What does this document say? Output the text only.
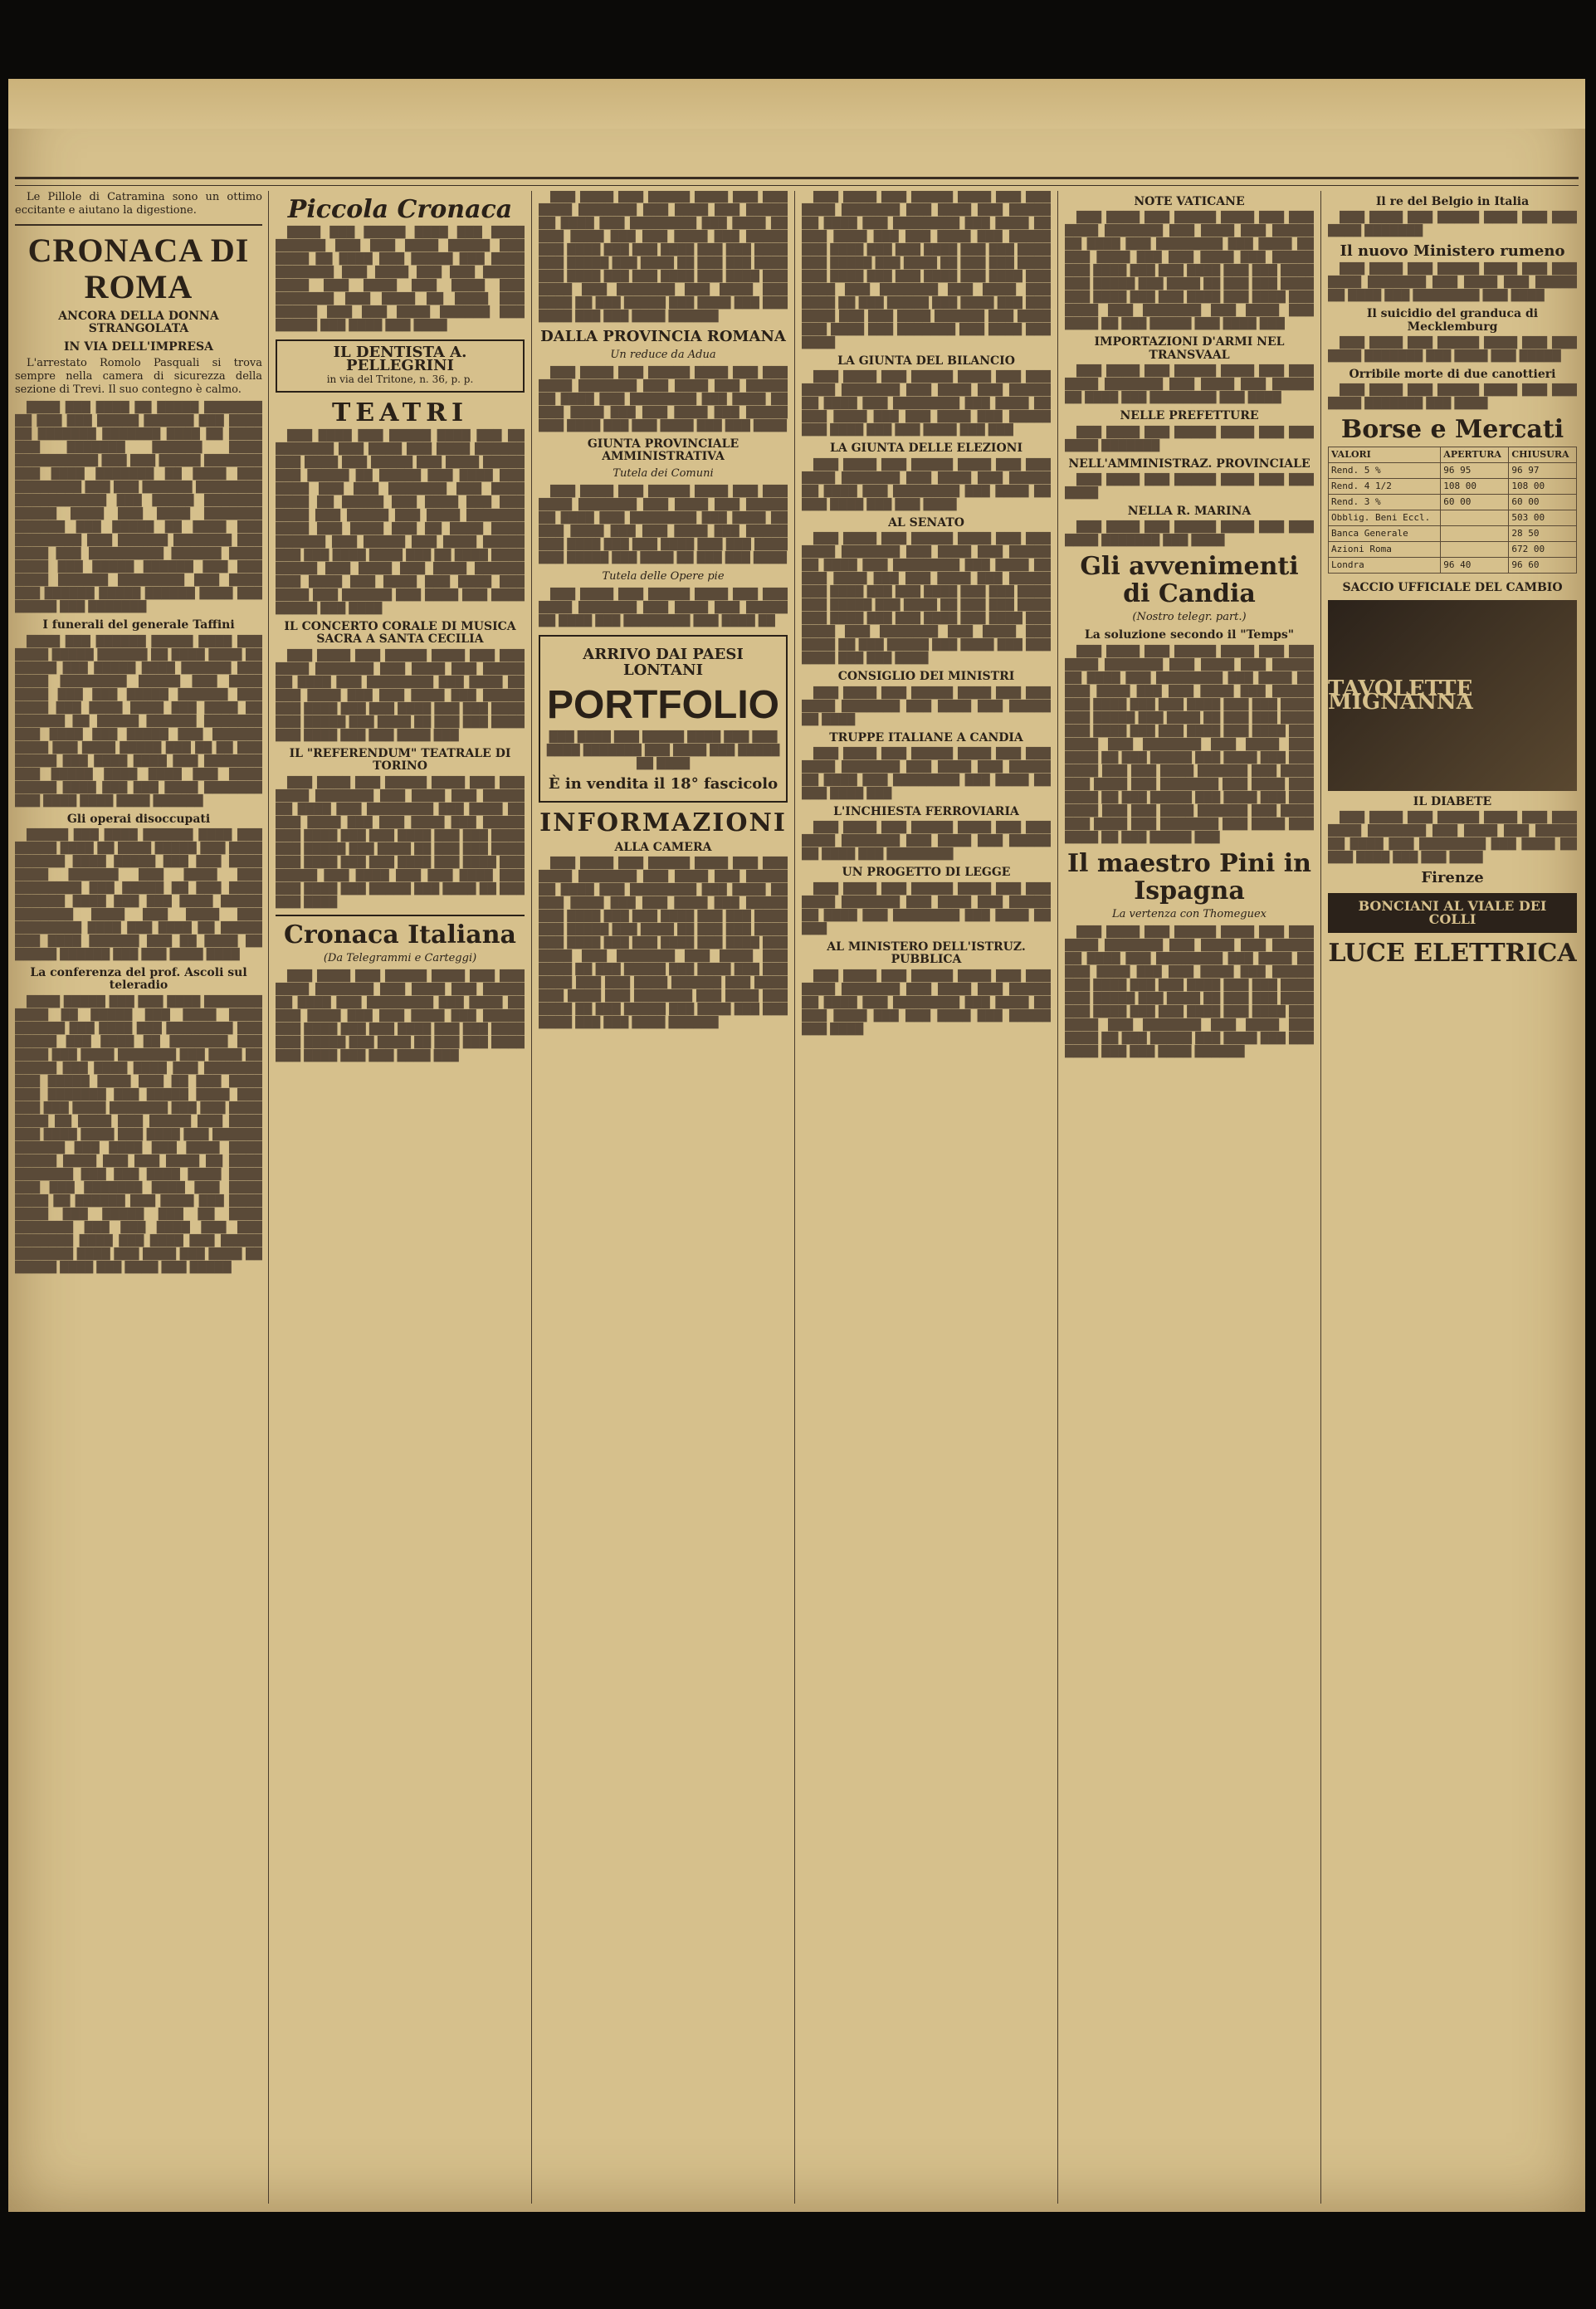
Le Pillole di Catramina sono un ottimo eccitante e aiutano la digestione.

CRONACA DI ROMA
ANCORA DELLA DONNA STRANGOLATA
IN VIA DELL'IMPRESA

L'arrestato Romolo Pasquali si trova sempre nella camera di sicurezza della sezione di Trevi. Il suo contegno è calmo.

████ ███ ████ ██ █████ ███████ ██ ███ ███ █████ ██████ ███ ████ ██ ███████ ███████ ████ ██ ████ ███ ███████ ██████ ████ ██████████ ███ ███ █████ ███████ ███ ████ ███████ ██ ████ ███ ████████ ███ ███ ██████ ████████ ███████████ ███ █████ ███████ █████ ████ ███ ████ ███████ ██████ ███ █████ ██ ████ ███ ████████ ███ ██████ ███████ ███ ████ ███ █████████ ██████ ████ ████ ███ █████ ██████ ███ ███ ████ ██████ ████████ ███ ████ ███ ██████ █████ ██████ ████ ███ █████ ███ ███████

I funerali del generale Taffini

████ ███ ██████ █████ ████ ███ ████ █████ ██████ ██ ████ ████ ██ █████ ███ █████ ████ ██████ ███ ████ ████████ █████ ███ ████ ████ ███ ███ █████ ██████ ███ ████ ███ ████ ████ ███ ████ ██ ██████ ██ █████ ██████ ███████ ███ ████ ███ █████ ███ ██████ ████ ███ ████ █████ ███ ██ ██ ███ █████ ███ ████ ████ ███ ███████ ███ █████ ████ ████ ███ ████ █████ ████ ███ ███ ████ ███████ ███ ████ ████ ████ ██████

Gli operai disoccupati

█████ ███ ████ ██████ ████ ███ █████ ████ ██ ████ █████ ███ ████ ██████ ████ █████ ███ ███ ████ ████ ██████ ███ ████ ███ ████████ ███ █████ ██ ███ ████ ██████ ████ ███ ███ ████ █████ ███████ ████ ███ ████ ███ ████████ ████ ███ ████ ██ █████ ███ ████ ██████ ███ ██ ████ ██ █████ ██████ ███ ███ ████ ████

La conferenza del prof. Ascoli sul teleradio

████ █████ ███ ███ ████ ███████ ████ ██ █████ ███ ████ ████ ██████ ███ ████ ███ ████████ ███ █████ ███ ████ ██ ███████ ███ ████ ███ ████ ███████ ███ ████ ██ █████ ███ ████ ████ ███ ███████ ███ █████ ████ ███ ██ ███ ████ ███ ███████ ███ █████ ████ ███ ███ ███ ████ ███████ ███ ███ ████ ████ ██ ████ ███ █████ ███ ████ ███ ████ ████ ███ ████ ███ ██████ ██████ ███ ████ ███ ████ ████ █████ ████ ███ ███ ████ ██ ████ ███████ ███ ███ ████ ████ ████ ███ ███ ███████ ████ ███ ████ ████ ██ ██████ ███ ████ ███ ████ ████ ███ █████ ███ ██ ████ ███████ ███ ███ ████ ███ ███ ███████ ████ ███ ████ ███ █████ ███████ ████ ███ ████ ███ ████ ██ █████ ████ ███ ████ ███ █████

Piccola Cronaca

████ ███ █████ ████ ███ ████ ██████ ███ ███ ████ █████ ███ ████ ██ ████ ███ █████ ███ ████ ███████ ███ ████ ███ ███ █████ ████ ███ ████ ███ ████ ███ ███████ ███ ████ ██ ████ ███ █████ ███ ███ ████ ██████ ███ █████ ███ ████ ███ ████

IL DENTISTA A. PELLEGRINI
in via del Tritone, n. 36, p. p.
TEATRI

███ ████ ███ █████ ████ ███ ██ ███████ ███ ████ ███ ████ ██████ ███ ████ ███ █████ ███ ████ █████ ███ █████ ██ █████ ███ ████ ███ ████ ███ ███ ███████ ███ ████ ████ ██ █████ ███ ████ ███ ███ ████ ███ █████ ███ ████ ███████ ████ ███ ████ ███ ██ ████ ████ ██████ ███ █████ ███ ████ █████ ███ ███ ████ ████ ███ ██ ████ ████ █████ ███ ████ ███ ████ ██████ ███ ████ ███ ████ ███ ████ ███ ████ ███ ██████ ███ ████ ███ ████ █████ ███ ████

IL CONCERTO CORALE DI MUSICA SACRA A SANTA CECILIA

███ ████ ███ █████ ████ ███ ███ ████ ███████ ███ ████ ███ █████ ██ ████ ███ ████████ ███ ████ ██ ███ ████ ███ ███ ████ ███ █████ ███ ████ ███ ███ ████ ███ ███ ████ ███ █████ ███ ████ ██ ███ ███ ████ ███ ████ ███ ███ ████ ███

IL "REFERENDUM" TEATRALE DI TORINO

███ ████ ███ █████ ████ ███ ███ ████ ███████ ███ ████ ███ █████ ██ ████ ███ ████████ ███ ████ ██ ███ ████ ███ ███ ████ ███ █████ ███ ████ ███ ███ ████ ███ ███ ████ ███ █████ ███ ████ ██ ███ ███ ████ ███ ████ ███ ███ ████ ███ ████ ███ █████ ███ ████ ███ ███ ████ ███ ███ ████ ███ █████ ███ ████ ██ ███ ███ ████

Cronaca Italiana
(Da Telegrammi e Carteggi)

███ ████ ███ █████ ████ ███ ███ ████ ███████ ███ ████ ███ █████ ██ ████ ███ ████████ ███ ████ ██ ███ ████ ███ ███ ████ ███ █████ ███ ████ ███ ███ ████ ███ ███ ████ ███ █████ ███ ████ ██ ███ ███ ████ ███ ████ ███ ███ ████ ███

███ ████ ███ █████ ████ ███ ███ ████ ███████ ███ ████ ███ █████ ██ ████ ███ ████████ ███ ████ ██ ███ ████ ███ ███ ████ ███ █████ ███ ████ ███ ███ ████ ███ ███ ████ ███ █████ ███ ████ ██ ███ ███ ████ ███ ████ ███ ███ ████ ███ ████ ███ ████ ███ ███████ ███ ████ ███ ████ ██ ███ █████ ███ ████ ███ ███ ████ ███ ███ ████ ██████

DALLA PROVINCIA ROMANA
Un reduce da Adua

███ ████ ███ █████ ████ ███ ███ ████ ███████ ███ ████ ███ █████ ██ ████ ███ ████████ ███ ████ ██ ███ ████ ███ ███ ████ ███ █████ ███ ████ ███ ███ ████ ███ ███ ████

GIUNTA PROVINCIALE AMMINISTRATIVA
Tutela dei Comuni

███ ████ ███ █████ ████ ███ ███ ████ ███████ ███ ████ ███ █████ ██ ████ ███ ████████ ███ ████ ██ ███ ████ ███ ███ ████ ███ █████ ███ ████ ███ ███ ████ ███ ███ ████ ███ █████ ███ ████ ██ ███ ███ ████

Tutela delle Opere pie

███ ████ ███ █████ ████ ███ ███ ████ ███████ ███ ████ ███ █████ ██ ████ ███ ████████ ███ ████ ██

ARRIVO DAI PAESI LONTANI
PORTFOLIO

███ ████ ███ █████ ████ ███ ███ ████ ███████ ███ ████ ███ █████ ██ ████

È in vendita il 18° fascicolo
INFORMAZIONI
ALLA CAMERA

███ ████ ███ █████ ████ ███ ███ ████ ███████ ███ ████ ███ █████ ██ ████ ███ ████████ ███ ████ ██ ███ ████ ███ ███ ████ ███ █████ ███ ████ ███ ███ ████ ███ ███ ████ ███ █████ ███ ████ ██ ███ ███ ████ ███ ████ ███ ███ ████ ███ ████ ███ ████ ███ ███████ ███ ████ ███ ████ ██ ███ █████ ███ ████ ███ ███ ████ ███ ███ ████ ██████ ███ ████ ███ ████ ███ ███████ ███ ████ ███ ████ ██ ███ █████ ███ ████ ███ ███ ████ ███ ███ ████ ██████

███ ████ ███ █████ ████ ███ ███ ████ ███████ ███ ████ ███ █████ ██ ████ ███ ████████ ███ ████ ██ ███ ████ ███ ███ ████ ███ █████ ███ ████ ███ ███ ████ ███ ███ ████ ███ █████ ███ ████ ██ ███ ███ ████ ███ ████ ███ ███ ████ ███ ████ ███ ████ ███ ███████ ███ ████ ███ ████ ██ ███ █████ ███ ████ ███ ███ ████ ███ ███ ████ ██████ ███ ████ ███ ████ ███ ███████ ███ ████ ███ ████

LA GIUNTA DEL BILANCIO

███ ████ ███ █████ ████ ███ ███ ████ ███████ ███ ████ ███ █████ ██ ████ ███ ████████ ███ ████ ██ ███ ████ ███ ███ ████ ███ █████ ███ ████ ███ ███ ████ ███ ███

LA GIUNTA DELLE ELEZIONI

███ ████ ███ █████ ████ ███ ███ ████ ███████ ███ ████ ███ █████ ██ ████ ███ ████████ ███ ████ ██ ███ ████ ███ ███ ████

AL SENATO

███ ████ ███ █████ ████ ███ ███ ████ ███████ ███ ████ ███ █████ ██ ████ ███ ████████ ███ ████ ██ ███ ████ ███ ███ ████ ███ █████ ███ ████ ███ ███ ████ ███ ███ ████ ███ █████ ███ ████ ██ ███ ███ ████ ███ ████ ███ ███ ████ ███ ████ ███ ████ ███ ███████ ███ ████ ███ ████ ██ ███ █████ ███ ████ ███ ███ ████ ███ ███ ████

CONSIGLIO DEI MINISTRI

███ ████ ███ █████ ████ ███ ███ ████ ███████ ███ ████ ███ █████ ██ ████

TRUPPE ITALIANE A CANDIA

███ ████ ███ █████ ████ ███ ███ ████ ███████ ███ ████ ███ █████ ██ ████ ███ ████████ ███ ████ ██ ███ ████ ███

L'INCHIESTA FERROVIARIA

███ ████ ███ █████ ████ ███ ███ ████ ███████ ███ ████ ███ █████ ██ ████ ███ ████████

UN PROGETTO DI LEGGE

███ ████ ███ █████ ████ ███ ███ ████ ███████ ███ ████ ███ █████ ██ ████ ███ ████████ ███ ████ ██ ███

AL MINISTERO DELL'ISTRUZ. PUBBLICA

███ ████ ███ █████ ████ ███ ███ ████ ███████ ███ ████ ███ █████ ██ ████ ███ ████████ ███ ████ ██ ███ ████ ███ ███ ████ ███ █████ ███ ████

NOTE VATICANE

███ ████ ███ █████ ████ ███ ███ ████ ███████ ███ ████ ███ █████ ██ ████ ███ ████████ ███ ████ ██ ███ ████ ███ ███ ████ ███ █████ ███ ████ ███ ███ ████ ███ ███ ████ ███ █████ ███ ████ ██ ███ ███ ████ ███ ████ ███ ███ ████ ███ ████ ███ ████ ███ ███████ ███ ████ ███ ████ ██ ███ █████ ███ ████ ███

IMPORTAZIONI D'ARMI NEL TRANSVAAL

███ ████ ███ █████ ████ ███ ███ ████ ███████ ███ ████ ███ █████ ██ ████ ███ ████████ ███ ████

NELLE PREFETTURE

███ ████ ███ █████ ████ ███ ███ ████ ███████

NELL'AMMINISTRAZ. PROVINCIALE

███ ████ ███ █████ ████ ███ ███ ████

NELLA R. MARINA

███ ████ ███ █████ ████ ███ ███ ████ ███████ ███ ████

Gli avvenimenti di Candia
(Nostro telegr. part.)
La soluzione secondo il "Temps"

███ ████ ███ █████ ████ ███ ███ ████ ███████ ███ ████ ███ █████ ██ ████ ███ ████████ ███ ████ ██ ███ ████ ███ ███ ████ ███ █████ ███ ████ ███ ███ ████ ███ ███ ████ ███ █████ ███ ████ ██ ███ ███ ████ ███ ████ ███ ███ ████ ███ ████ ███ ████ ███ ███████ ███ ████ ███ ████ ██ ███ █████ ███ ████ ███ ███ ████ ███ ███ ████ ██████ ███ ████ ███ ████ ███ ███████ ███ ████ ███ ████ ██ ███ █████ ███ ████ ███ ███ ████ ███ ███ ████ ██████ ███ ████ ███ ████ ███ ███████ ███ ████ ███ ████ ██ ███ █████ ███

Il maestro Pini in Ispagna
La vertenza con Thomeguex

███ ████ ███ █████ ████ ███ ███ ████ ███████ ███ ████ ███ █████ ██ ████ ███ ████████ ███ ████ ██ ███ ████ ███ ███ ████ ███ █████ ███ ████ ███ ███ ████ ███ ███ ████ ███ █████ ███ ████ ██ ███ ███ ████ ███ ████ ███ ███ ████ ███ ████ ███ ████ ███ ███████ ███ ████ ███ ████ ██ ███ █████ ███ ████ ███ ███ ████ ███ ███ ████ ██████

Il re del Belgio in Italia

███ ████ ███ █████ ████ ███ ███ ████ ███████

Il nuovo Ministero rumeno

███ ████ ███ █████ ████ ███ ███ ████ ███████ ███ ████ ███ █████ ██ ████ ███ ████████ ███ ████

Il suicidio del granduca di Mecklemburg

███ ████ ███ █████ ████ ███ ███ ████ ███████ ███ ████ ███ █████

Orribile morte di due canottieri

███ ████ ███ █████ ████ ███ ███ ████ ███████ ███ ████

Borse e Mercati
VALORI	APERTURA	CHIUSURA
Rend. 5 %	96 95	96 97
Rend. 4 1/2	108 00	108 00
Rend. 3 %	60 00	60 00
Obblig. Beni Eccl.		503 00
Banca Generale		28 50
Azioni Roma		672 00
Londra	96 40	96 60
SACCIO UFFICIALE DEL CAMBIO
TAVOLETTE MIGNANNA
IL DIABETE

███ ████ ███ █████ ████ ███ ███ ████ ███████ ███ ████ ███ █████ ██ ████ ███ ████████ ███ ████ ██ ███ ████ ███ ███ ████

Firenze
BONCIANI AL VIALE DEI COLLI
LUCE ELETTRICA
